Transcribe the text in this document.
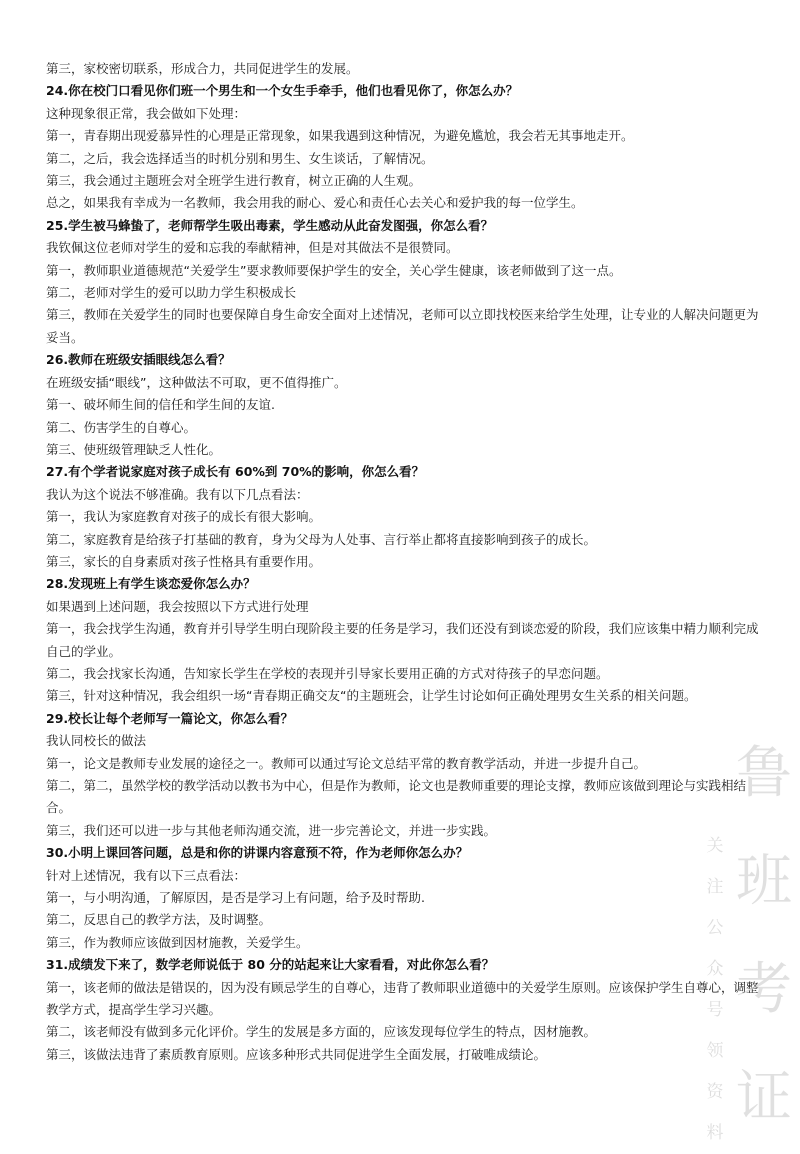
第三，家校密切联系，形成合力，共同促进学生的发展。
24.你在校门口看见你们班一个男生和一个女生手牵手，他们也看见你了，你怎么办？
这种现象很正常，我会做如下处理：
第一，青春期出现爱慕异性的心理是正常现象，如果我遇到这种情况，为避免尴尬，我会若无其事地走开。
第二，之后，我会选择适当的时机分别和男生、女生谈话，了解情况。
第三，我会通过主题班会对全班学生进行教育，树立正确的人生观。
总之，如果我有幸成为一名教师，我会用我的耐心、爱心和责任心去关心和爱护我的每一位学生。
25.学生被马蜂蛰了，老师帮学生吸出毒素，学生感动从此奋发图强，你怎么看？
我钦佩这位老师对学生的爱和忘我的奉献精神，但是对其做法不是很赞同。
第一，教师职业道德规范“关爱学生”要求教师要保护学生的安全，关心学生健康，该老师做到了这一点。
第二，老师对学生的爱可以助力学生积极成长
第三，教师在关爱学生的同时也要保障自身生命安全面对上述情况，老师可以立即找校医来给学生处理，让专业的人解决问题更为妥当。
26.教师在班级安插眼线怎么看？
在班级安插“眼线”，这种做法不可取，更不值得推广。
第一、破坏师生间的信任和学生间的友谊.
第二、伤害学生的自尊心。
第三、使班级管理缺乏人性化。
27.有个学者说家庭对孩子成长有 60%到 70%的影响，你怎么看？
我认为这个说法不够准确。我有以下几点看法：
第一，我认为家庭教育对孩子的成长有很大影响。
第二，家庭教育是给孩子打基础的教育，身为父母为人处事、言行举止都将直接影响到孩子的成长。
第三，家长的自身素质对孩子性格具有重要作用。
28.发现班上有学生谈恋爱你怎么办？
如果遇到上述问题，我会按照以下方式进行处理
第一，我会找学生沟通，教育并引导学生明白现阶段主要的任务是学习，我们还没有到谈恋爱的阶段，我们应该集中精力顺利完成自己的学业。
第二，我会找家长沟通，告知家长学生在学校的表现并引导家长要用正确的方式对待孩子的早恋问题。
第三，针对这种情况，我会组织一场“青春期正确交友“的主题班会，让学生讨论如何正确处理男女生关系的相关问题。
29.校长让每个老师写一篇论文，你怎么看？
我认同校长的做法
第一，论文是教师专业发展的途径之一。教师可以通过写论文总结平常的教育教学活动，并进一步提升自己。
第二，第二，虽然学校的教学活动以教书为中心，但是作为教师，论文也是教师重要的理论支撑，教师应该做到理论与实践相结合。
第三，我们还可以进一步与其他老师沟通交流，进一步完善论文，并进一步实践。
30.小明上课回答问题，总是和你的讲课内容意预不符，作为老师你怎么办？
针对上述情况，我有以下三点看法：
第一，与小明沟通，了解原因，是否是学习上有问题，给予及时帮助.
第二，反思自己的教学方法，及时调整。
第三，作为教师应该做到因材施教，关爱学生。
31.成绩发下来了，数学老师说低于 80 分的站起来让大家看看，对此你怎么看？
第一，该老师的做法是错误的，因为没有顾忌学生的自尊心，违背了教师职业道德中的关爱学生原则。应该保护学生自尊心，调整教学方式，提高学生学习兴趣。
第二，该老师没有做到多元化评价。学生的发展是多方面的，应该发现每位学生的特点，因材施教。
第三，该做法违背了素质教育原则。应该多种形式共同促进学生全面发展，打破唯成绩论。
鲁
班
考
证
关
注
公
众
号
领
资
料
